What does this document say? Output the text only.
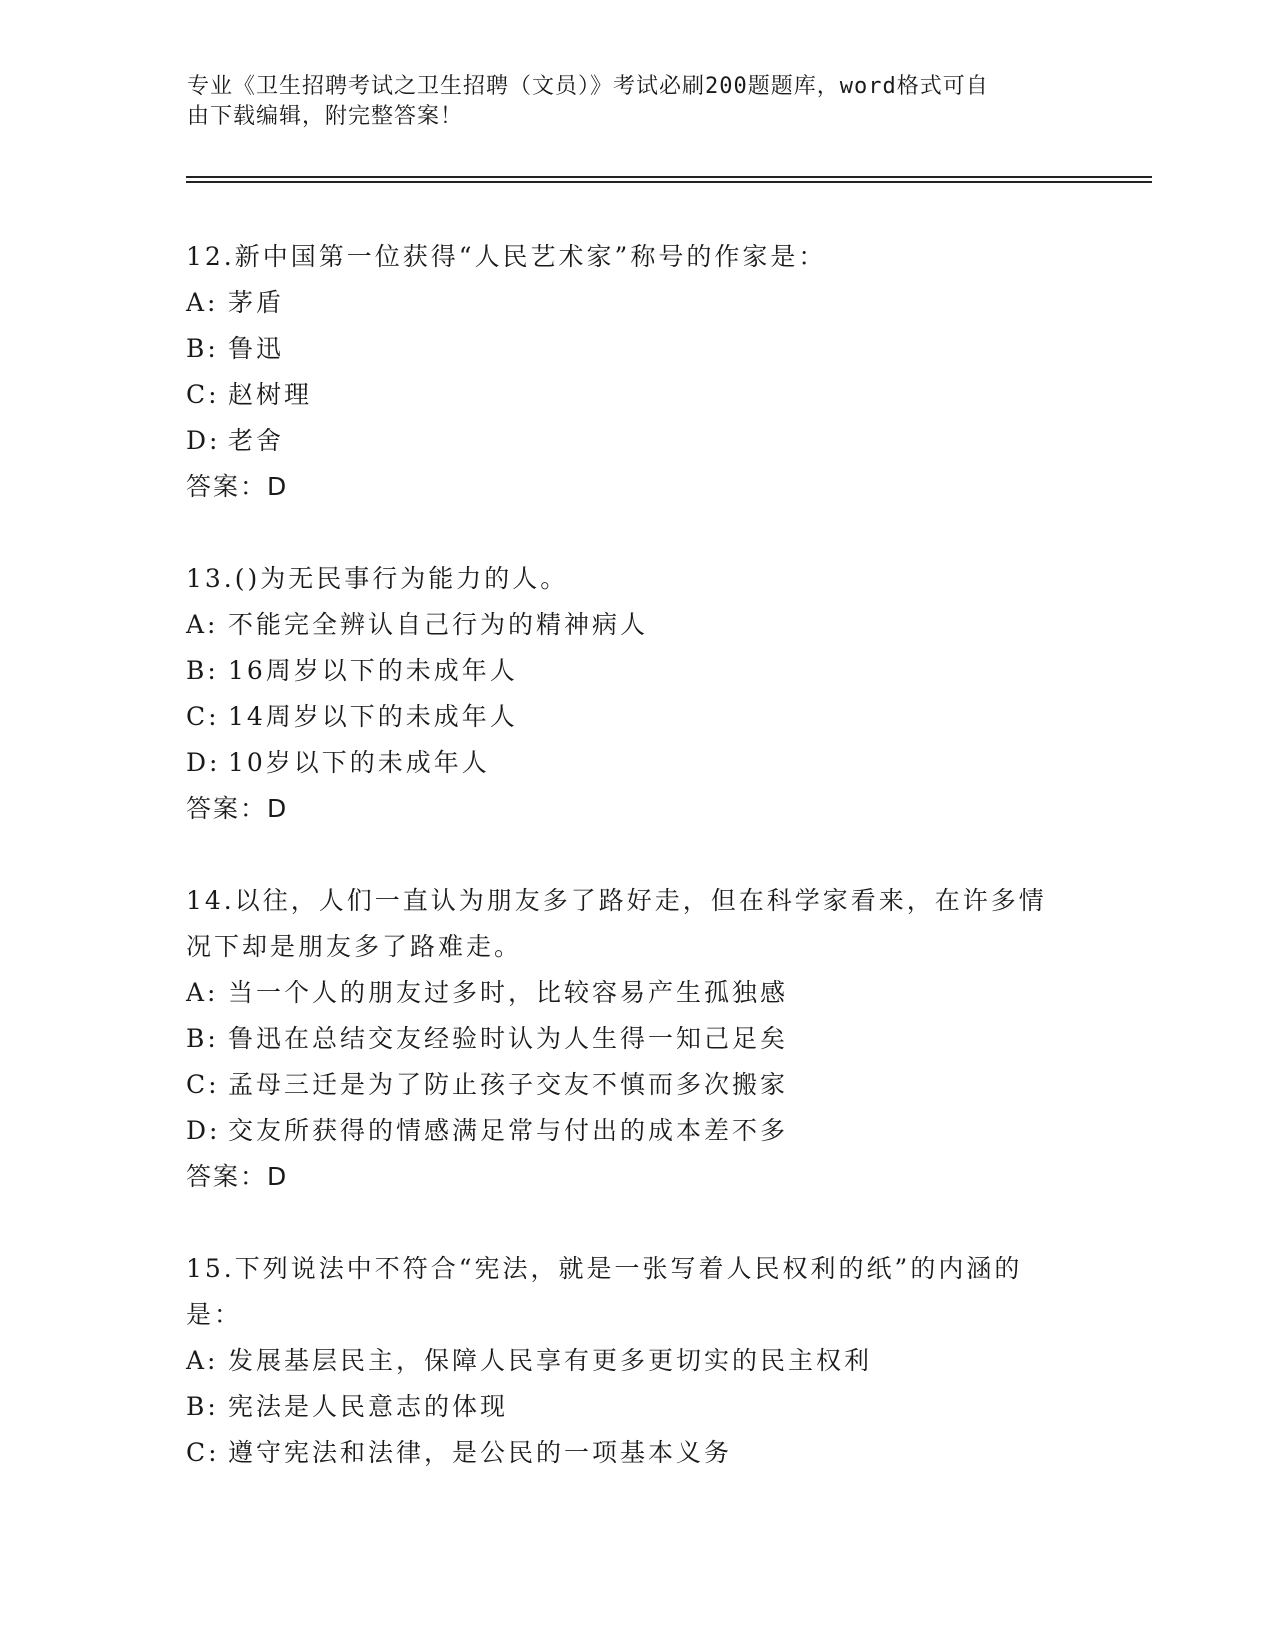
专业《卫生招聘考试之卫生招聘（文员）》考试必刷200题题库，word格式可自
由下载编辑，附完整答案！
12.新中国第一位获得“人民艺术家”称号的作家是：
A: 茅盾
B: 鲁迅
C: 赵树理
D: 老舍
答案：D
13.()为无民事行为能力的人。
A: 不能完全辨认自己行为的精神病人
B: 16周岁以下的未成年人
C: 14周岁以下的未成年人
D: 10岁以下的未成年人
答案：D
14.以往，人们一直认为朋友多了路好走，但在科学家看来，在许多情
况下却是朋友多了路难走。
A: 当一个人的朋友过多时，比较容易产生孤独感
B: 鲁迅在总结交友经验时认为人生得一知己足矣
C: 孟母三迁是为了防止孩子交友不慎而多次搬家
D: 交友所获得的情感满足常与付出的成本差不多
答案：D
15.下列说法中不符合“宪法，就是一张写着人民权利的纸”的内涵的
是：
A: 发展基层民主，保障人民享有更多更切实的民主权利
B: 宪法是人民意志的体现
C: 遵守宪法和法律，是公民的一项基本义务
